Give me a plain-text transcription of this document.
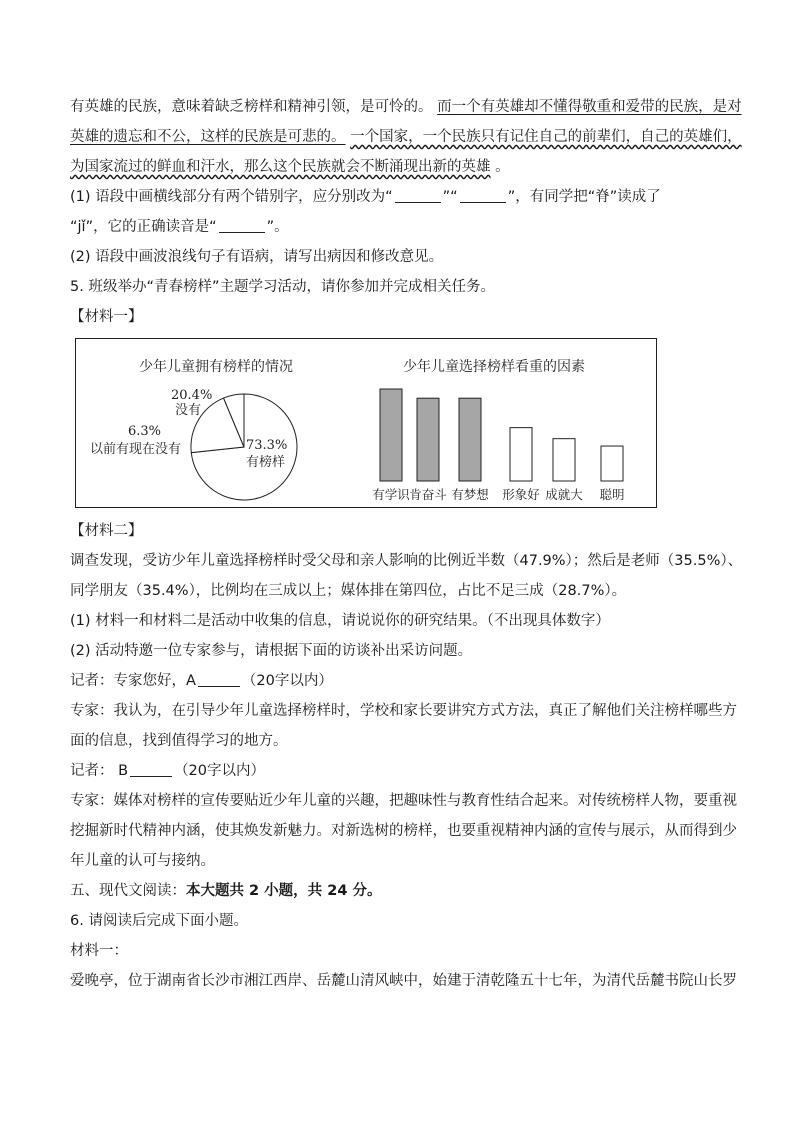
有英雄的民族，意味着缺乏榜样和精神引领，是可怜的。 而一个有英雄却不懂得敬重和爱带的民族，是对
英雄的遗忘和不公，这样的民族是可悲的。 一个国家，一个民族只有记住自己的前辈们，自己的英雄们，
为国家流过的鲜血和汗水，那么这个民族就会不断涌现出新的英雄 。
(1) 语段中画横线部分有两个错别字，应分别改为“	”“	”，有同学把“脊”读成了
“jǐ”，它的正确读音是“	”。
(2) 语段中画波浪线句子有语病，请写出病因和修改意见。
5. 班级举办“青春榜样”主题学习活动，请你参加并完成相关任务。
【材料一】
少年儿童拥有榜样的情况
73.3%
有榜样
20.4%
没有
6.3%
以前有现在没有
少年儿童选择榜样看重的因素
有学识 肯奋斗 有梦想 形象好 成就大 聪明
【材料二】
调查发现，受访少年儿童选择榜样时受父母和亲人影响的比例近半数（47.9%）；然后是老师（35.5%）、
同学朋友（35.4%），比例均在三成以上；媒体排在第四位，占比不足三成（28.7%）。
(1) 材料一和材料二是活动中收集的信息，请说说你的研究结果。（不出现具体数字）
(2) 活动特邀一位专家参与，请根据下面的访谈补出采访问题。
记者：专家您好，A	（20字以内）
专家：我认为，在引导少年儿童选择榜样时，学校和家长要讲究方式方法，真正了解他们关注榜样哪些方
面的信息，找到值得学习的地方。
记者： B	（20字以内）
专家：媒体对榜样的宣传要贴近少年儿童的兴趣，把趣味性与教育性结合起来。对传统榜样人物，要重视
挖掘新时代精神内涵，使其焕发新魅力。对新选树的榜样，也要重视精神内涵的宣传与展示，从而得到少
年儿童的认可与接纳。
五、现代文阅读：本大题共 2 小题，共 24 分。
6. 请阅读后完成下面小题。
材料一：
爱晚亭，位于湖南省长沙市湘江西岸、岳麓山清风峡中，始建于清乾隆五十七年，为清代岳麓书院山长罗
